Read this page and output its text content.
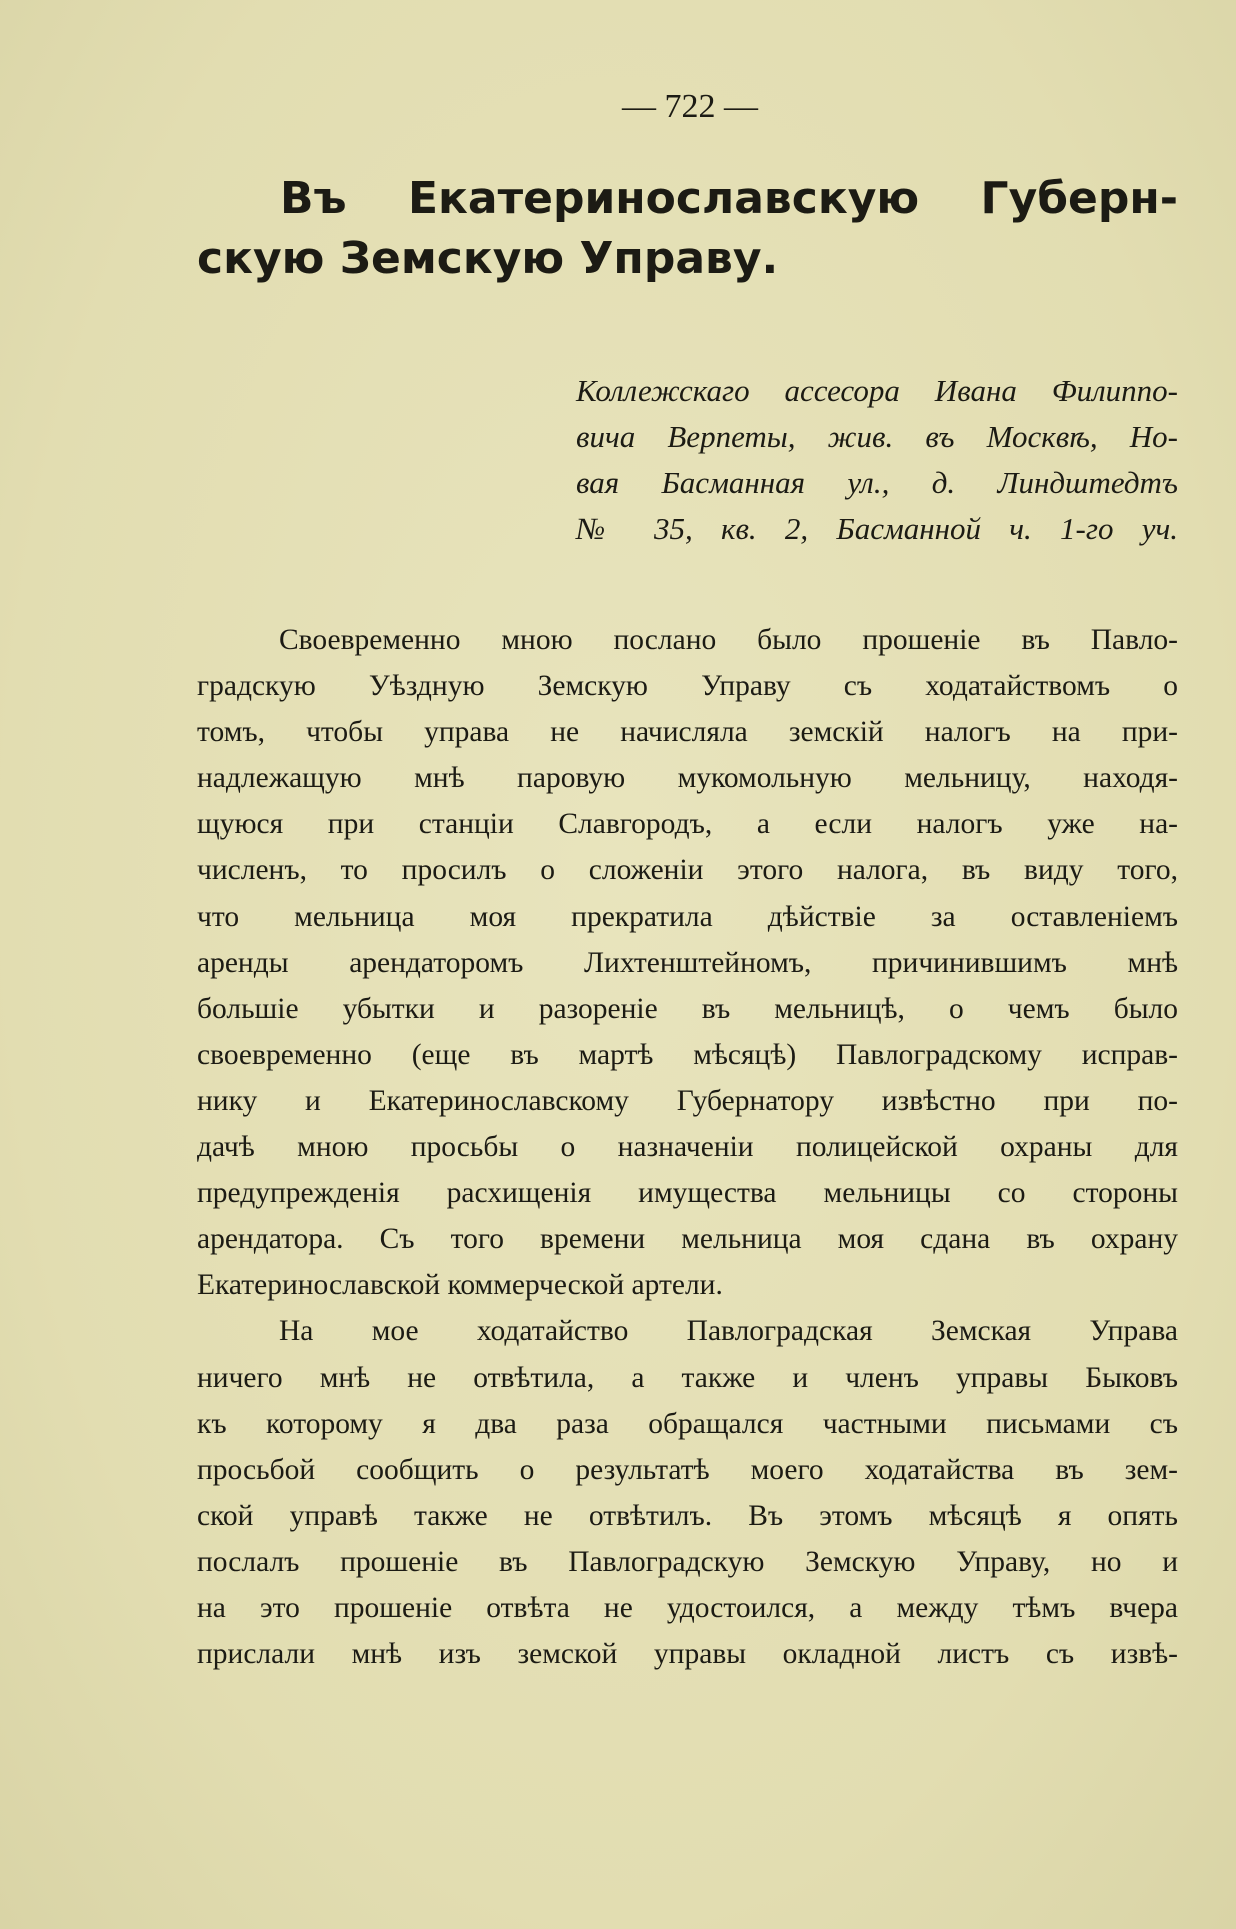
— 722 —
Въ Екатеринославскую Губерн-
скую Земскую Управу.
Коллежскаго ассесора Ивана Филиппо-
вича Верпеты, жив. въ Москвѣ, Но-
вая Басманная ул., д. Линдштедтъ
№ 35, кв. 2, Басманной ч. 1-го уч.
Своевременно мною послано было прошеніе въ Павло-
градскую Уѣздную Земскую Управу съ ходатайствомъ о
томъ, чтобы управа не начисляла земскій налогъ на при-
надлежащую мнѣ паровую мукомольную мельницу, находя-
щуюся при станціи Славгородъ, а если налогъ уже на-
численъ, то просилъ о сложеніи этого налога, въ виду того,
что мельница моя прекратила дѣйствіе за оставленіемъ
аренды арендаторомъ Лихтенштейномъ, причинившимъ мнѣ
большіе убытки и разореніе въ мельницѣ, о чемъ было
своевременно (еще въ мартѣ мѣсяцѣ) Павлоградскому исправ-
нику и Екатеринославскому Губернатору извѣстно при по-
дачѣ мною просьбы о назначеніи полицейской охраны для
предупрежденія расхищенія имущества мельницы со стороны
арендатора. Съ того времени мельница моя сдана въ охрану
Екатеринославской коммерческой артели.
На мое ходатайство Павлоградская Земская Управа
ничего мнѣ не отвѣтила, а также и членъ управы Быковъ
къ которому я два раза обращался частными письмами съ
просьбой сообщить о результатѣ моего ходатайства въ зем-
ской управѣ также не отвѣтилъ. Въ этомъ мѣсяцѣ я опять
послалъ прошеніе въ Павлоградскую Земскую Управу, но и
на это прошеніе отвѣта не удостоился, а между тѣмъ вчера
прислали мнѣ изъ земской управы окладной листъ съ извѣ-
